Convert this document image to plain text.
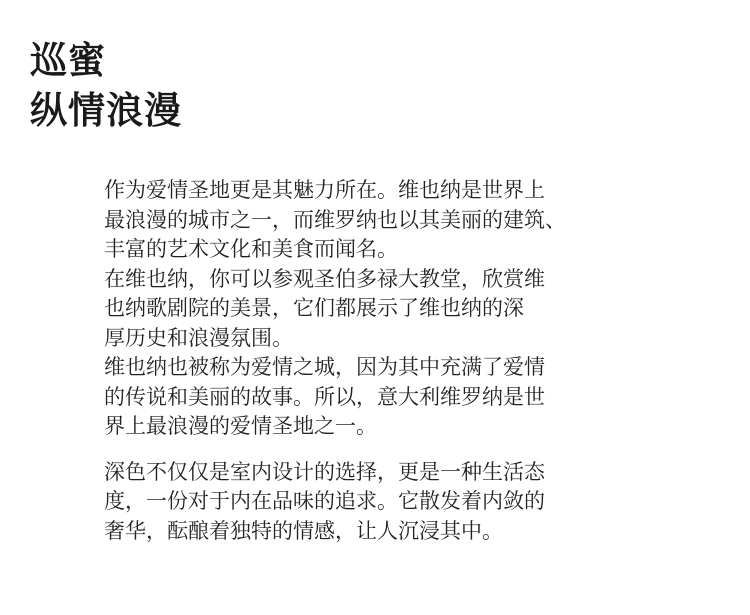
巡蜜
纵情浪漫

作为爱情圣地更是其魅力所在。维也纳是世界上
最浪漫的城市之一，而维罗纳也以其美丽的建筑、
丰富的艺术文化和美食而闻名。

在维也纳，你可以参观圣伯多禄大教堂，欣赏维
也纳歌剧院的美景，它们都展示了维也纳的深
厚历史和浪漫氛围。

维也纳也被称为爱情之城，因为其中充满了爱情
的传说和美丽的故事。所以，意大利维罗纳是世
界上最浪漫的爱情圣地之一。

深色不仅仅是室内设计的选择，更是一种生活态
度，一份对于内在品味的追求。它散发着内敛的
奢华，酝酿着独特的情感，让人沉浸其中。
